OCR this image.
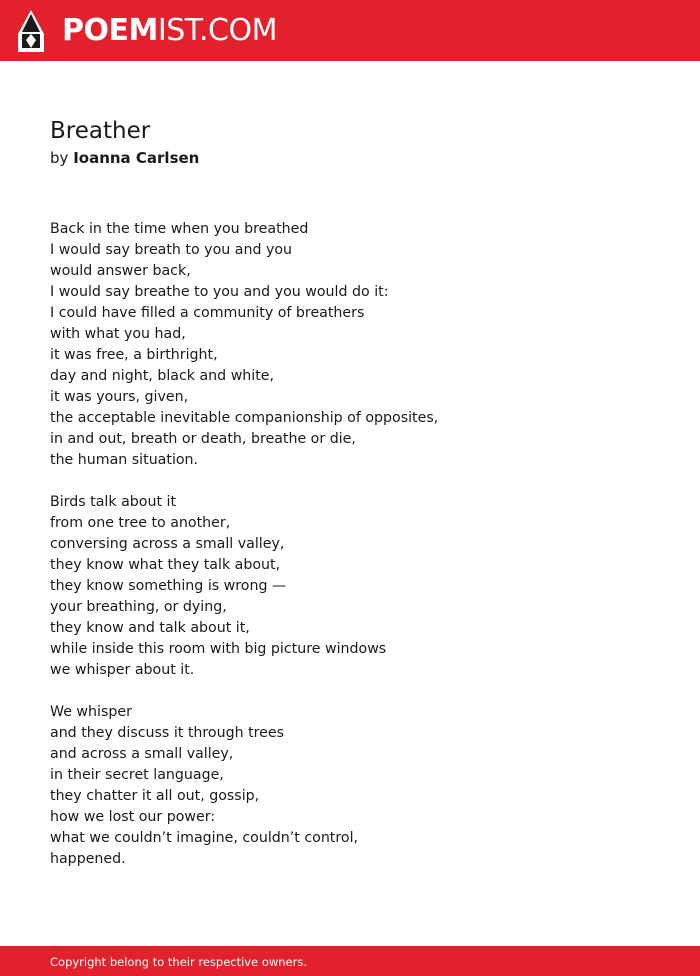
POEMIST.COM
Breather
by Ioanna Carlsen
Back in the time when you breathed
I would say breath to you and you
would answer back,
I would say breathe to you and you would do it:
I could have filled a community of breathers
with what you had,
it was free, a birthright,
day and night, black and white,
it was yours, given,
the acceptable inevitable companionship of opposites,
in and out, breath or death, breathe or die,
the human situation.
Birds talk about it
from one tree to another,
conversing across a small valley,
they know what they talk about,
they know something is wrong —
your breathing, or dying,
they know and talk about it,
while inside this room with big picture windows
we whisper about it.
We whisper
and they discuss it through trees
and across a small valley,
in their secret language,
they chatter it all out, gossip,
how we lost our power:
what we couldn’t imagine, couldn’t control,
happened.
Copyright belong to their respective owners.
